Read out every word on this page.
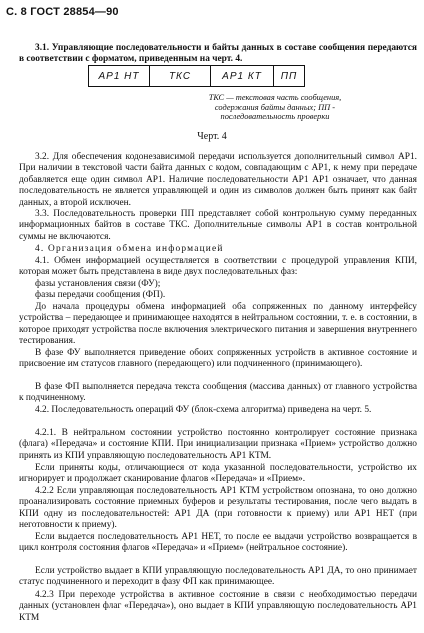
С. 8 ГОСТ 28854—90

3.1. Управляющие последовательности и байты данных в составе сообщения передаются в соответствии с форматом, приведенным на черт. 4.

АР1 НТ	ТКС	АР1 КТ	ПП
ТКС — текстовая часть сообщения, содержания байты данных; ПП - последовательность проверки
Черт. 4

3.2. Для обеспечения кодонезависимой передачи используется дополнительный символ АР1. При наличии в текстовой части байта данных с кодом, совпадающим с АР1, к нему при передаче добавляется еще один символ АР1. Наличие последовательности АР1 АР1 означает, что данная последовательность не является управляющей и один из символов должен быть принят как байт данных, а второй исключен.

3.3. Последовательность проверки ПП представляет собой контрольную сумму переданных информационных байтов в составе ТКС. Дополнительные символы АР1 в состав контрольной суммы не включаются.

4. Организация обмена информацией

4.1. Обмен информацией осуществляется в соответствии с процедурой управления КПИ, которая может быть представлена в виде двух последовательных фаз:

фазы установления связи (ФУ);

фазы передачи сообщения (ФП).

До начала процедуры обмена информацией оба сопряженных по данному интерфейсу устройства – передающее и принимающее находятся в нейтральном состоянии, т. е. в состоянии, в которое приходят устройства после включения электрического питания и завершения внутреннего тестирования.

В фазе ФУ выполняется приведение обоих сопряженных устройств в активное состояние и присвоение им статусов главного (передающего) или подчиненного (принимающего).

В фазе ФП выполняется передача текста сообщения (массива данных) от главного устройства к подчиненному.

4.2. Последовательность операций ФУ (блок-схема алгоритма) приведена на черт. 5.

4.2.1. В нейтральном состоянии устройство постоянно контролирует состояние признака (флага) «Передача» и состояние КПИ. При инициализации признака «Прием» устройство должно принять из КПИ управляющую последовательность АР1 КТМ.

Если приняты коды, отличающиеся от кода указанной последовательности, устройство их игнорирует и продолжает сканирование флагов «Передача» и «Прием».

4.2.2 Если управляющая последовательность АР1 КТМ устройством опознана, то оно должно проанализировать состояние приемных буферов и результаты тестирования, после чего выдать в КПИ одну из последовательностей: АР1 ДА (при готовности к приему) или АР1 НЕТ (при неготовности к приему).

Если выдается последовательность АР1 НЕТ, то после ее выдачи устройство возвращается в цикл контроля состояния флагов «Передача» и «Прием» (нейтральное состояние).

Если устройство выдает в КПИ управляющую последовательность АР1 ДА, то оно принимает статус подчиненного и переходит в фазу ФП как принимающее.

4.2.3 При переходе устройства в активное состояние в связи с необходимостью передачи данных (установлен флаг «Передача»), оно выдает в КПИ управляющую последовательность АР1 КТМ
